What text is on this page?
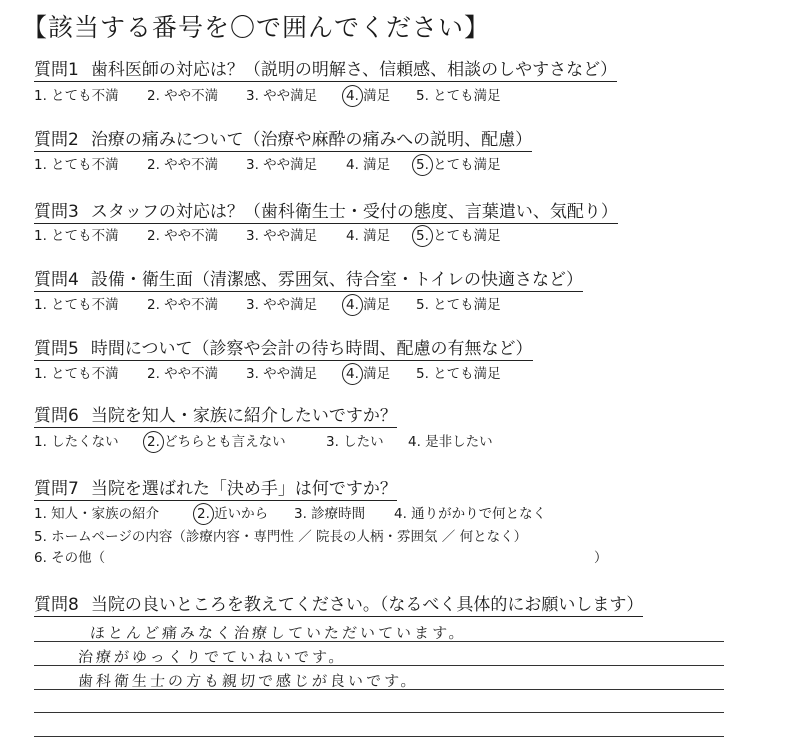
【該当する番号を〇で囲んでください】
質問1 歯科医師の対応は？（説明の明解さ、信頼感、相談のしやすさなど）
1. とても不満 2. やや不満 3. やや満足 4. 満足 5. とても満足
質問2 治療の痛みについて（治療や麻酔の痛みへの説明、配慮）
1. とても不満 2. やや不満 3. やや満足 4. 満足 5. とても満足
質問3 スタッフの対応は？（歯科衛生士・受付の態度、言葉遣い、気配り）
1. とても不満 2. やや不満 3. やや満足 4. 満足 5. とても満足
質問4 設備・衛生面（清潔感、雰囲気、待合室・トイレの快適さなど）
1. とても不満 2. やや不満 3. やや満足 4. 満足 5. とても満足
質問5 時間について（診察や会計の待ち時間、配慮の有無など）
1. とても不満 2. やや不満 3. やや満足 4. 満足 5. とても満足
質問6 当院を知人・家族に紹介したいですか？
1. したくない 2. どちらとも言えない	3. したい 4. 是非したい
質問7 当院を選ばれた「決め手」は何ですか？
1. 知人・家族の紹介	2. 近いから 3. 診療時間 4. 通りがかりで何となく
5. ホームページの内容（診療内容・専門性 ／ 院長の人柄・雰囲気 ／ 何となく）
6. その他（	）
質問8 当院の良いところを教えてください。（なるべく具体的にお願いします）
ほとんど痛みなく治療していただいています。
治療がゆっくりでていねいです。
歯科衛生士の方も親切で感じが良いです。
